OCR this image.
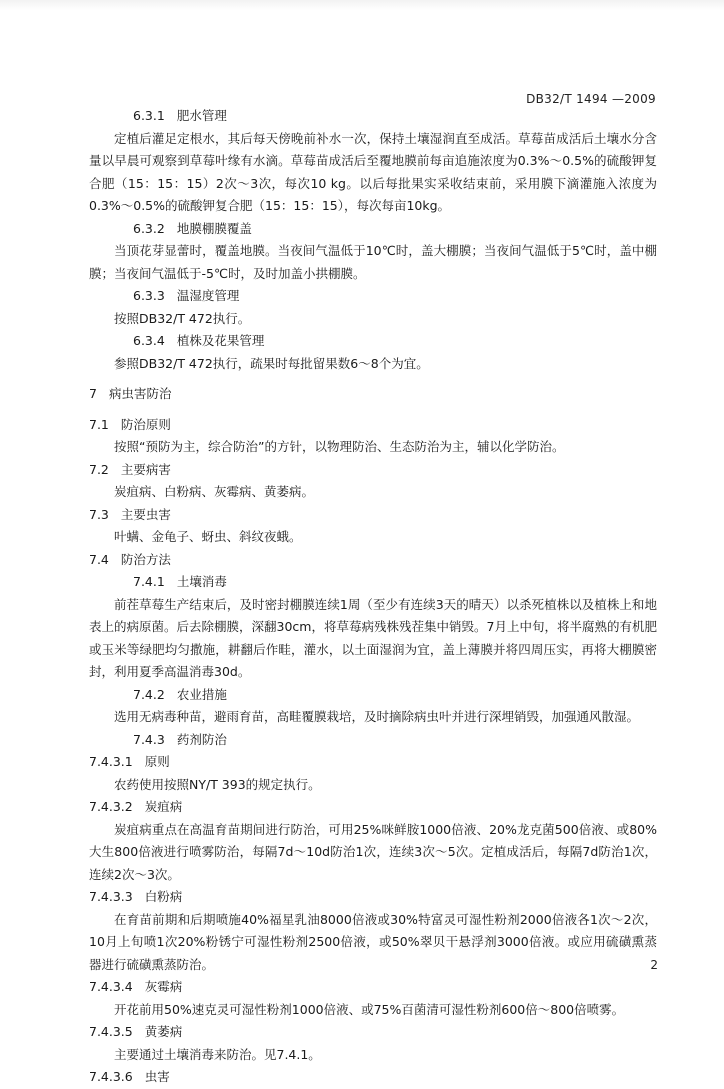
DB32/T 1494 —2009
6.3.1 肥水管理
定植后灌足定根水，其后每天傍晚前补水一次，保持土壤湿润直至成活。草莓苗成活后土壤水分含量以早晨可观察到草莓叶缘有水滴。草莓苗成活后至覆地膜前每亩追施浓度为0.3%～0.5%的硫酸钾复合肥（15：15：15）2次～3次，每次10 kg。以后每批果实采收结束前，采用膜下滴灌施入浓度为0.3%～0.5%的硫酸钾复合肥（15：15：15），每次每亩10kg。
6.3.2 地膜棚膜覆盖
当顶花芽显蕾时，覆盖地膜。当夜间气温低于10℃时，盖大棚膜；当夜间气温低于5℃时，盖中棚膜；当夜间气温低于-5℃时，及时加盖小拱棚膜。
6.3.3 温湿度管理
按照DB32/T 472执行。
6.3.4 植株及花果管理
参照DB32/T 472执行，疏果时每批留果数6～8个为宜。
7 病虫害防治
7.1 防治原则
按照“预防为主，综合防治”的方针，以物理防治、生态防治为主，辅以化学防治。
7.2 主要病害
炭疽病、白粉病、灰霉病、黄萎病。
7.3 主要虫害
叶螨、金龟子、蚜虫、斜纹夜蛾。
7.4 防治方法
7.4.1 土壤消毒
前茬草莓生产结束后，及时密封棚膜连续1周（至少有连续3天的晴天）以杀死植株以及植株上和地表上的病原菌。后去除棚膜，深翻30cm，将草莓病残株残茬集中销毁。7月上中旬，将半腐熟的有机肥或玉米等绿肥均匀撒施，耕翻后作畦，灌水，以土面湿润为宜，盖上薄膜并将四周压实，再将大棚膜密封，利用夏季高温消毒30d。
7.4.2 农业措施
选用无病毒种苗，避雨育苗，高畦覆膜栽培，及时摘除病虫叶并进行深埋销毁，加强通风散湿。
7.4.3 药剂防治
7.4.3.1 原则
农药使用按照NY/T 393的规定执行。
7.4.3.2 炭疽病
炭疽病重点在高温育苗期间进行防治，可用25%咪鲜胺1000倍液、20%龙克菌500倍液、或80%大生800倍液进行喷雾防治，每隔7d～10d防治1次，连续3次～5次。定植成活后，每隔7d防治1次，连续2次～3次。
7.4.3.3 白粉病
在育苗前期和后期喷施40%福星乳油8000倍液或30%特富灵可湿性粉剂2000倍液各1次～2次，10月上旬喷1次20%粉锈宁可湿性粉剂2500倍液，或50%翠贝干悬浮剂3000倍液。或应用硫磺熏蒸器进行硫磺熏蒸防治。
7.4.3.4 灰霉病
开花前用50%速克灵可湿性粉剂1000倍液、或75%百菌清可湿性粉剂600倍～800倍喷雾。
7.4.3.5 黄萎病
主要通过土壤消毒来防治。见7.4.1。
7.4.3.6 虫害
2
